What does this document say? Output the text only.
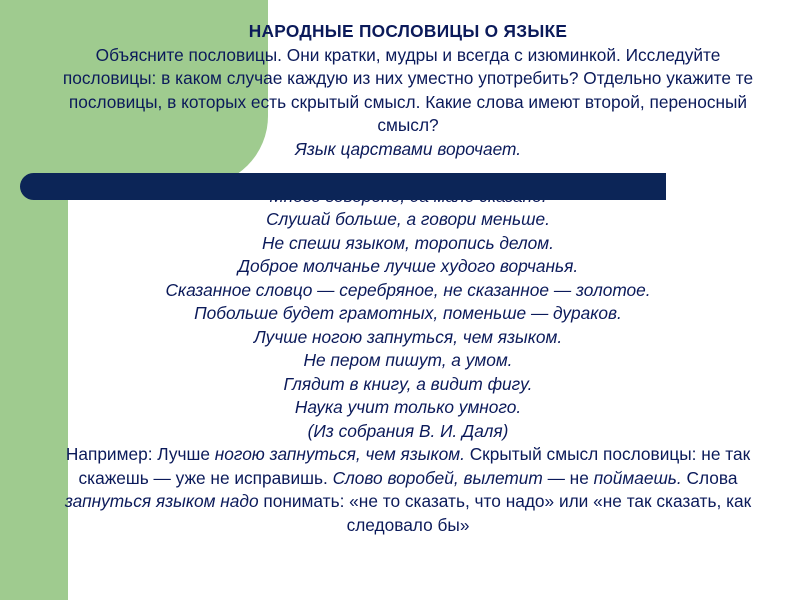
НАРОДНЫЕ ПОСЛОВИЦЫ О ЯЗЫКЕ
Объясните пословицы. Они кратки, мудры и всегда с изюминкой. Исследуйте пословицы: в каком случае каждую из них уместно употребить? Отдельно укажите те пословицы, в которых есть скрытый смысл. Какие слова имеют второй, переносный смысл?
Язык царствами ворочает.
Слушай больше, а говори меньше.
Не спеши языком, торопись делом.
Доброе молчанье лучше худого ворчанья.
Сказанное словцо — серебряное, не сказанное — золотое.
Побольше будет грамотных, поменьше — дураков.
Лучше ногою запнуться, чем языком.
Не пером пишут, а умом.
Глядит в книгу, а видит фигу.
Наука учит только умного.
(Из собрания В. И. Даля)
Например: Лучше ногою запнуться, чем языком. Скрытый смысл пословицы: не так скажешь — уже не исправишь. Слово воробей, вылетит — не поймаешь. Слова запнуться языком надо понимать: «не то сказать, что надо» или «не так сказать, как следовало бы»
